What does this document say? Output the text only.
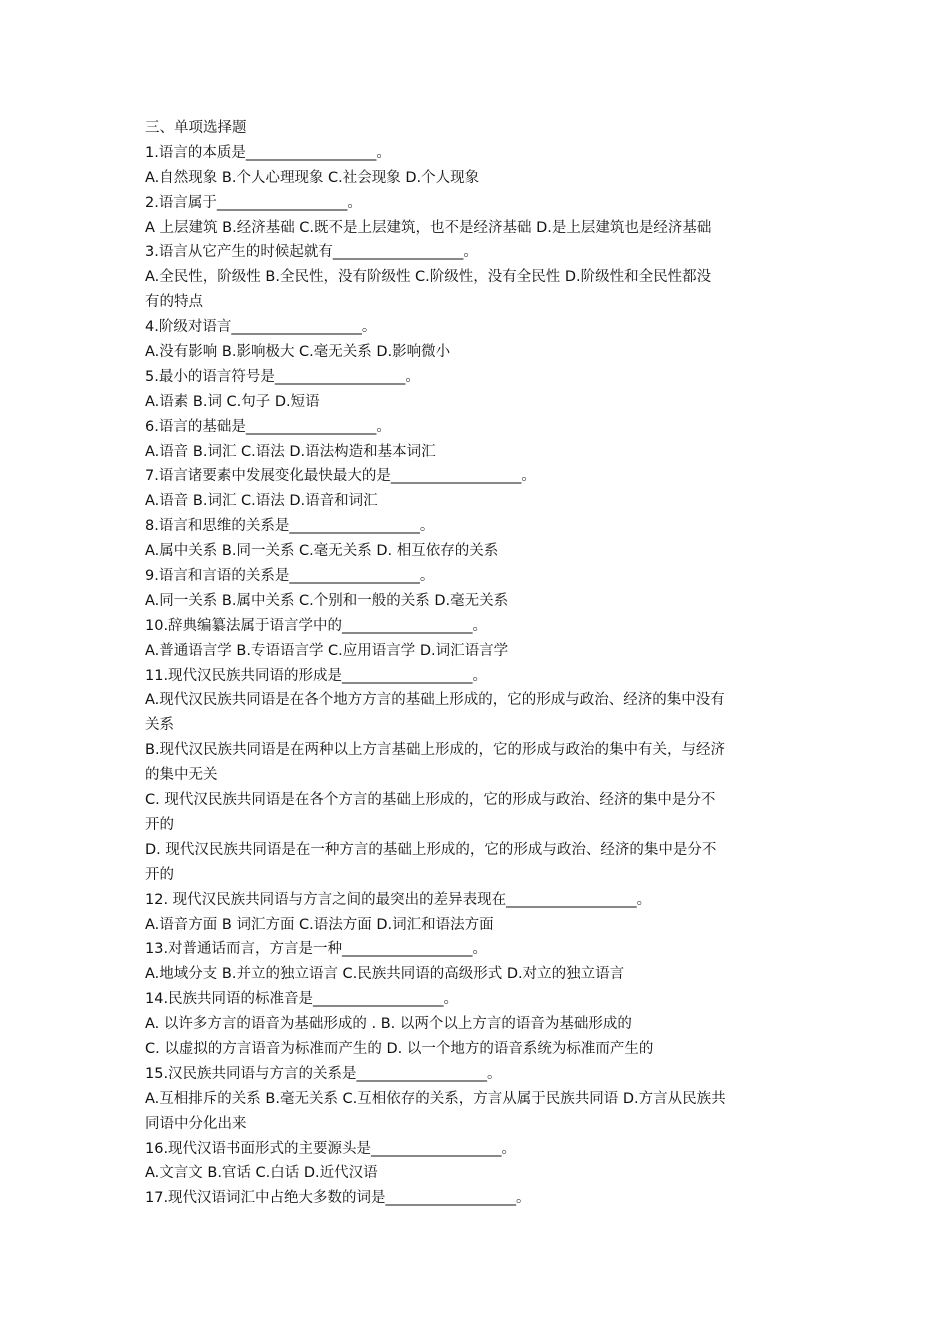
三、单项选择题
1.语言的本质是__________________。
A.自然现象 B.个人心理现象 C.社会现象 D.个人现象
2.语言属于__________________。
A 上层建筑 B.经济基础 C.既不是上层建筑，也不是经济基础 D.是上层建筑也是经济基础
3.语言从它产生的时候起就有__________________。
A.全民性，阶级性 B.全民性，没有阶级性 C.阶级性，没有全民性 D.阶级性和全民性都没
有的特点
4.阶级对语言__________________。
A.没有影响 B.影响极大 C.毫无关系 D.影响微小
5.最小的语言符号是__________________。
A.语素 B.词 C.句子 D.短语
6.语言的基础是__________________。
A.语音 B.词汇 C.语法 D.语法构造和基本词汇
7.语言诸要素中发展变化最快最大的是__________________。
A.语音 B.词汇 C.语法 D.语音和词汇
8.语言和思维的关系是__________________。
A.属中关系 B.同一关系 C.毫无关系 D. 相互依存的关系
9.语言和言语的关系是__________________。
A.同一关系 B.属中关系 C.个别和一般的关系 D.毫无关系
10.辞典编纂法属于语言学中的__________________。
A.普通语言学 B.专语语言学 C.应用语言学 D.词汇语言学
11.现代汉民族共同语的形成是__________________。
A.现代汉民族共同语是在各个地方方言的基础上形成的，它的形成与政治、经济的集中没有
关系
B.现代汉民族共同语是在两种以上方言基础上形成的，它的形成与政治的集中有关，与经济
的集中无关
C. 现代汉民族共同语是在各个方言的基础上形成的，它的形成与政治、经济的集中是分不
开的
D. 现代汉民族共同语是在一种方言的基础上形成的，它的形成与政治、经济的集中是分不
开的
12. 现代汉民族共同语与方言之间的最突出的差异表现在__________________。
A.语音方面 B 词汇方面 C.语法方面 D.词汇和语法方面
13.对普通话而言，方言是一种__________________。
A.地域分支 B.并立的独立语言 C.民族共同语的高级形式 D.对立的独立语言
14.民族共同语的标准音是__________________。
A. 以许多方言的语音为基础形成的 . B. 以两个以上方言的语音为基础形成的
C. 以虚拟的方言语音为标准而产生的 D. 以一个地方的语音系统为标准而产生的
15.汉民族共同语与方言的关系是__________________。
A.互相排斥的关系 B.毫无关系 C.互相依存的关系，方言从属于民族共同语 D.方言从民族共
同语中分化出来
16.现代汉语书面形式的主要源头是__________________。
A.文言文 B.官话 C.白话 D.近代汉语
17.现代汉语词汇中占绝大多数的词是__________________。
